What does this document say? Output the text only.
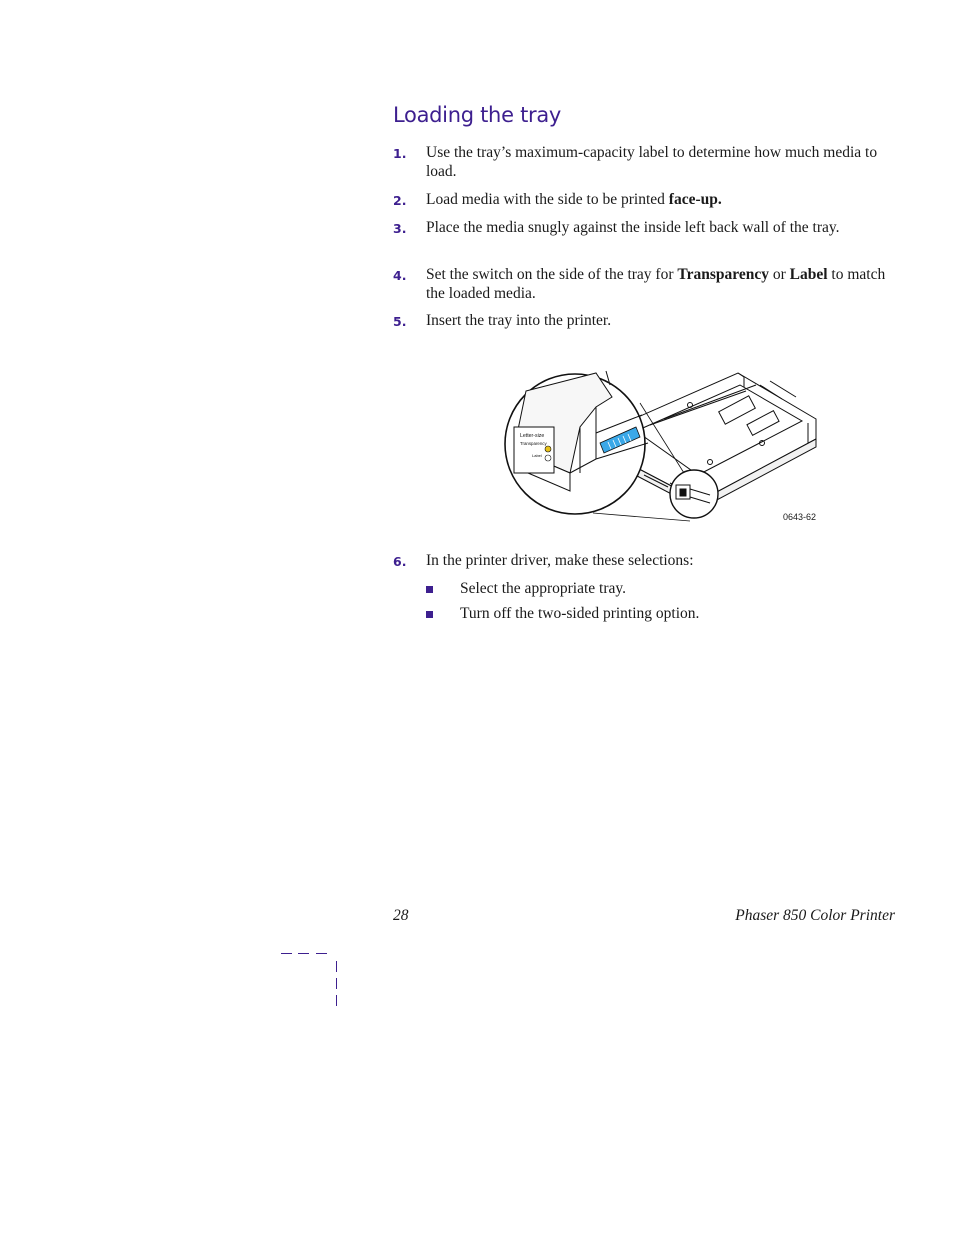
Loading the tray
1. Use the tray’s maximum-capacity label to determine how much media to load.
2. Load media with the side to be printed face-up.
3. Place the media snugly against the inside left back wall of the tray.
4. Set the switch on the side of the tray for Transparency or Label to match the loaded media.
5. Insert the tray into the printer.
Letter-size
Transparency
Label
0643-62
6. In the printer driver, make these selections:
Select the appropriate tray.
Turn off the two-sided printing option.
28	Phaser 850 Color Printer
